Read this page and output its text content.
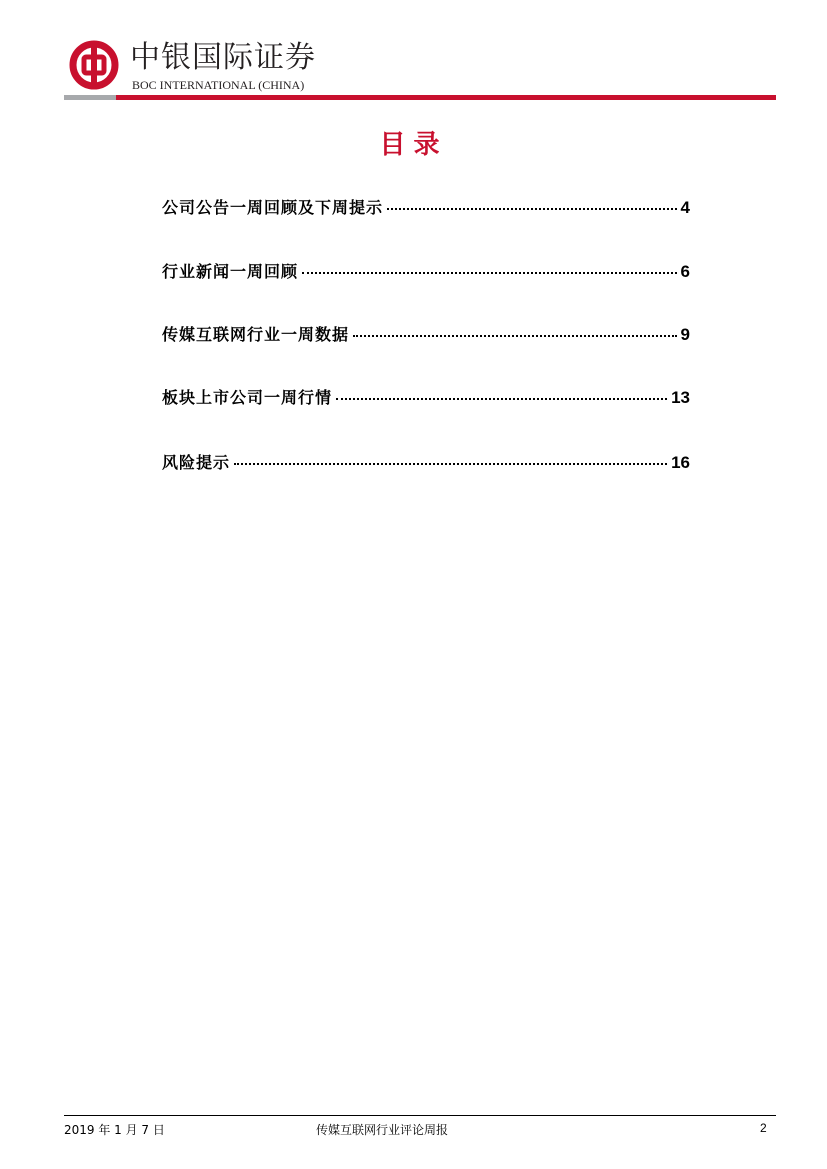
中银国际证券
BOC INTERNATIONAL (CHINA)
目录
公司公告一周回顾及下周提示	4
行业新闻一周回顾	6
传媒互联网行业一周数据	9
板块上市公司一周行情	13
风险提示	16
2019 年 1 月 7 日	传媒互联网行业评论周报	2
